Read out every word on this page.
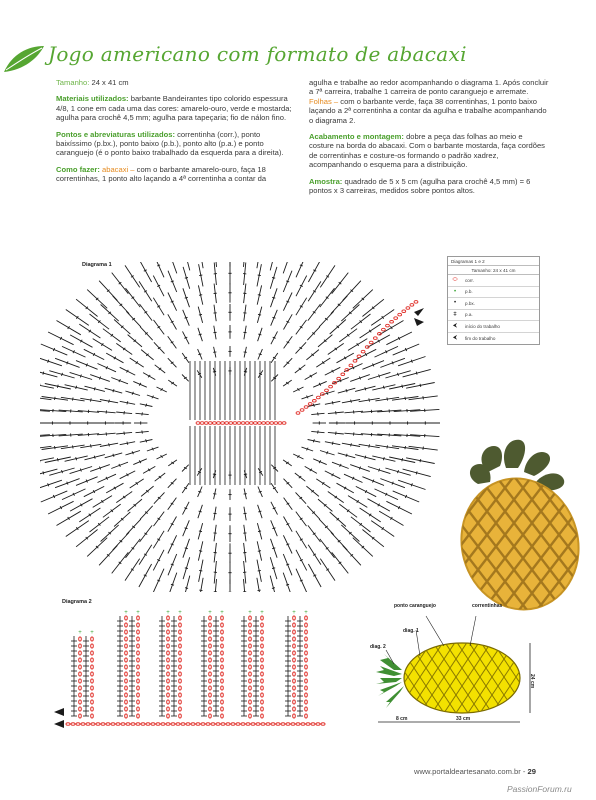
Jogo americano com formato de abacaxi

Tamanho: 24 x 41 cm

Materiais utilizados: barbante Bandeirantes tipo colorido espessura 4/8, 1 cone em cada uma das cores: amarelo-ouro, verde e mostarda; agulha para crochê 4,5 mm; agulha para tapeçaria; fio de nálon fino.

Pontos e abreviaturas utilizados: correntinha (corr.), ponto baixíssimo (p.bx.), ponto baixo (p.b.), ponto alto (p.a.) e ponto caranguejo (é o ponto baixo trabalhado da esquerda para a direita).

Como fazer: abacaxi – com o barbante amarelo-ouro, faça 18 correntinhas, 1 ponto alto laçando a 4ª correntinha a contar da

agulha e trabalhe ao redor acompanhando o diagrama 1. Após concluir a 7ª carreira, trabalhe 1 carreira de ponto caranguejo e arremate.
Folhas – com o barbante verde, faça 38 correntinhas, 1 ponto baixo laçando a 2ª correntinha a contar da agulha e trabalhe acompanhando o diagrama 2.

Acabamento e montagem: dobre a peça das folhas ao meio e costure na borda do abacaxi. Com o barbante mostarda, faça cordões de correntinhas e costure-os formando o padrão xadrez, acompanhando o esquema para a distribuição.

Amostra: quadrado de 5 x 5 cm (agulha para crochê 4,5 mm) = 6 pontos x 3 carreiras, medidos sobre pontos altos.

Diagrama 1
Diagramas 1 e 2
Tamanho: 24 x 41 cm
⬭	corr.
•	p.b.
•	p.bx.
ǂ	p.a.
⮜	início do trabalho
⮜	fim do trabalho
Diagrama 2
+ +
+ +	+ +	+ +	+ +	+ +
ponto caranguejo	correntinhas
diag. 1
diag. 2
8 cm	33 cm
24 cm
www.portaldeartesanato.com.br - 29
PassionForum.ru
